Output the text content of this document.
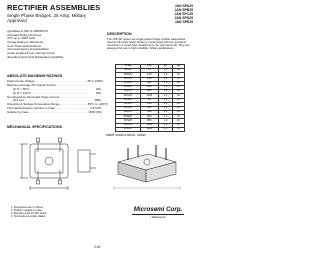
RECTIFIER ASSEMBLIES
Single Phase Bridges, 25 Amp, Military Approved
JAN SPA25
JAN SPB25
JAN SPC25
JAN SPD25
JAN SPE25
• Qualified to MIL-S-19500/XXX
• Forward Rating 25 Amps
• PIV up to 1000 Volts
• Surge Rating to 300 Amps
• Low Thermal Resistance
• Hermetic Epoxy Encapsulation
• Case Isolated From Internal Circuit
• Excellent Heat Sink Dissipation Capability
DESCRIPTION
The JAN SP series are single phase bridge rectifier assemblies rated at 25 amps. Each device is constructed with four junctions mounted in a metal case isolated from the internal circuit. They are designed for use in high reliability military applications.
ABSOLUTE MAXIMUM RATINGS
Peak Inverse Voltage .....	50 to 1000V
Maximum Average DC Output Current .....
@ Tc = 55°C .....	25A
@ Tc = 100°C .....	15A
Non-Repetitive Sinusoidal Surge Current .....
(8.3 ms) .....	300A
Operating & Storage Temperature Range .....	-65°C to +150°C
Thermal Resistance Junction to Case .....	1.5°C/W
Isolation to Case .....	2500 VDC
TYPE	PIV	VF	IR
SPA25	50	1.2	10
SPB25	100	1.2	10
SPC25	200	1.2	10
SPD25	400	1.2	10
SPE25	600	1.2	10
SPF25	800	1.2	10
SPG25	1000	1.2	10
SPH25	50	1.2	10
SPJ25	100	1.2	10
SPK25	200	1.2	10
SPL25	400	1.2	10
SPM25	600	1.2	10
SPN25	800	1.2	10
SPP25	1000	1.2	10
SPR25	1200	1.2	10
MECHANICAL SPECIFICATIONS
SPB25, SPD25 & SPF25 - SPM25
1. Dimensions are in inches.
2. Polarity marked on case.
3. Mounting hole for #10 screw.
4. Terminals are solder plated.
Microsemi Corp.
/ Watertown
2-40
